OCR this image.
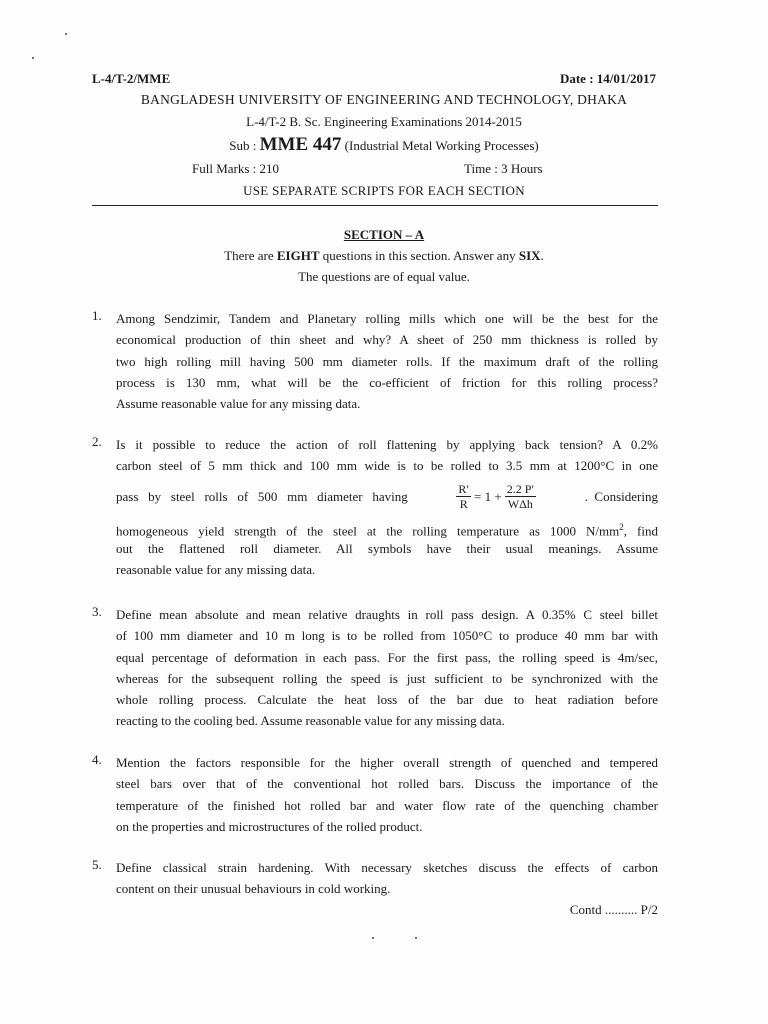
L-4/T-2/MME	Date : 14/01/2017
BANGLADESH UNIVERSITY OF ENGINEERING AND TECHNOLOGY, DHAKA
L-4/T-2 B. Sc. Engineering Examinations 2014-2015
Sub : MME 447 (Industrial Metal Working Processes)
Full Marks : 210	Time : 3 Hours
USE SEPARATE SCRIPTS FOR EACH SECTION
SECTION – A
There are EIGHT questions in this section. Answer any SIX.
The questions are of equal value.
1. Among Sendzimir, Tandem and Planetary rolling mills which one will be the best for the
economical production of thin sheet and why? A sheet of 250 mm thickness is rolled by
two high rolling mill having 500 mm diameter rolls. If the maximum draft of the rolling
process is 130 mm, what will be the co-efficient of friction for this rolling process?
Assume reasonable value for any missing data.
2. Is it possible to reduce the action of roll flattening by applying back tension? A 0.2%
carbon steel of 5 mm thick and 100 mm wide is to be rolled to 3.5 mm at 1200°C in one
pass   by   steel   rolls   of   500   mm   diameter   having	$\frac{R'}{R} = 1 + \frac{2.2 P'}{\text{WΔh}}$	.  Considering
homogeneous yield strength of the steel at the rolling temperature as 1000 $N/mm^2$, find
out the flattened roll diameter. All symbols have their usual meanings. Assume
reasonable value for any missing data.
3. Define mean absolute and mean relative draughts in roll pass design. A 0.35% C steel billet
of 100 mm diameter and 10 m long is to be rolled from 1050°C to produce 40 mm bar with
equal percentage of deformation in each pass. For the first pass, the rolling speed is 4m/sec,
whereas for the subsequent rolling the speed is just sufficient to be synchronized with the
whole rolling process. Calculate the heat loss of the bar due to heat radiation before
reacting to the cooling bed. Assume reasonable value for any missing data.
4. Mention the factors responsible for the higher overall strength of quenched and tempered
steel bars over that of the conventional hot rolled bars. Discuss the importance of the
temperature of the finished hot rolled bar and water flow rate of the quenching chamber
on the properties and microstructures of the rolled product.
5. Define classical strain hardening. With necessary sketches discuss the effects of carbon
content on their unusual behaviours in cold working.
Contd .......... P/2
